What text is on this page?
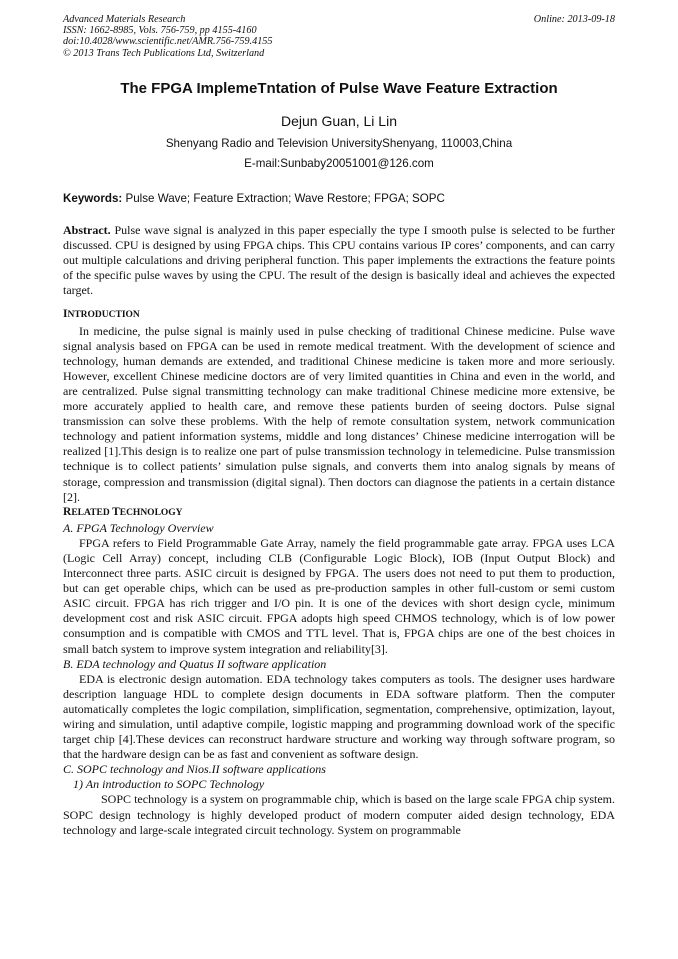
Advanced Materials Research
ISSN: 1662-8985, Vols. 756-759, pp 4155-4160
doi:10.4028/www.scientific.net/AMR.756-759.4155
© 2013 Trans Tech Publications Ltd, Switzerland
Online: 2013-09-18
The FPGA ImplemeTntation of Pulse Wave Feature Extraction
Dejun Guan, Li Lin
Shenyang Radio and Television UniversityShenyang, 110003,China
E-mail:Sunbaby20051001@126.com
Keywords: Pulse Wave; Feature Extraction; Wave Restore; FPGA; SOPC

Abstract. Pulse wave signal is analyzed in this paper especially the type I smooth pulse is selected to be further discussed. CPU is designed by using FPGA chips. This CPU contains various IP cores’ components, and can carry out multiple calculations and driving peripheral function. This paper implements the extractions the feature points of the specific pulse waves by using the CPU. The result of the design is basically ideal and achieves the expected target.

INTRODUCTION

In medicine, the pulse signal is mainly used in pulse checking of traditional Chinese medicine. Pulse wave signal analysis based on FPGA can be used in remote medical treatment. With the development of science and technology, human demands are extended, and traditional Chinese medicine is taken more and more seriously. However, excellent Chinese medicine doctors are of very limited quantities in China and even in the world, and are centralized. Pulse signal transmitting technology can make traditional Chinese medicine more extensive, be more accurately applied to health care, and remove these patients burden of seeing doctors. Pulse signal transmission can solve these problems. With the help of remote consultation system, network communication technology and patient information systems, middle and long distances’ Chinese medicine interrogation will be realized [1].This design is to realize one part of pulse transmission technology in telemedicine. Pulse transmission technique is to collect patients’ simulation pulse signals, and converts them into analog signals by means of storage, compression and transmission (digital signal). Then doctors can diagnose the patients in a certain distance [2].

RELATED TECHNOLOGY
A. FPGA Technology Overview

FPGA refers to Field Programmable Gate Array, namely the field programmable gate array. FPGA uses LCA (Logic Cell Array) concept, including CLB (Configurable Logic Block), IOB (Input Output Block) and Interconnect three parts. ASIC circuit is designed by FPGA. The users does not need to put them to production, but can get operable chips, which can be used as pre-production samples in other full-custom or semi custom ASIC circuit. FPGA has rich trigger and I/O pin. It is one of the devices with short design cycle, minimum development cost and risk ASIC circuit. FPGA adopts high speed CHMOS technology, which is of low power consumption and is compatible with CMOS and TTL level. That is, FPGA chips are one of the best choices in small batch system to improve system integration and reliability[3].

B. EDA technology and Quatus II software application

EDA is electronic design automation. EDA technology takes computers as tools. The designer uses hardware description language HDL to complete design documents in EDA software platform. Then the computer automatically completes the logic compilation, simplification, segmentation, comprehensive, optimization, layout, wiring and simulation, until adaptive compile, logistic mapping and programming download work of the specific target chip [4].These devices can reconstruct hardware structure and working way through software program, so that the hardware design can be as fast and convenient as software design.

C. SOPC technology and Nios.II software applications
1) An introduction to SOPC Technology

SOPC technology is a system on programmable chip, which is based on the large scale FPGA chip system. SOPC design technology is highly developed product of modern computer aided design technology, EDA technology and large-scale integrated circuit technology. System on programmable
